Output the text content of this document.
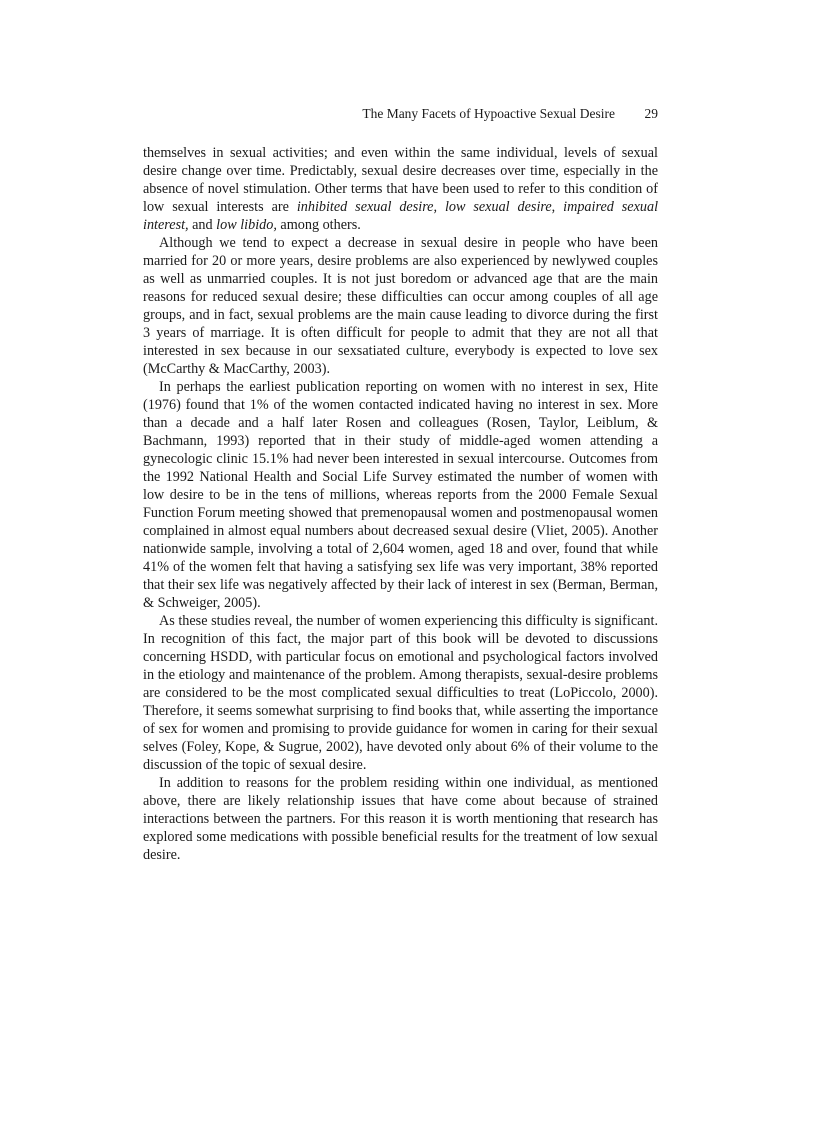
The Many Facets of Hypoactive Sexual Desire 29

themselves in sexual activities; and even within the same individual, levels of sexual desire change over time. Predictably, sexual desire decreases over time, especially in the absence of novel stimulation. Other terms that have been used to refer to this condition of low sexual interests are inhibited sexual desire, low sexual desire, impaired sexual interest, and low libido, among others.

Although we tend to expect a decrease in sexual desire in people who have been married for 20 or more years, desire problems are also experienced by newlywed couples as well as unmarried couples. It is not just boredom or advanced age that are the main reasons for reduced sexual desire; these difficulties can occur among couples of all age groups, and in fact, sexual problems are the main cause leading to divorce during the first 3 years of marriage. It is often difficult for people to admit that they are not all that interested in sex because in our sexsatiated culture, everybody is expected to love sex (McCarthy & MacCarthy, 2003).

In perhaps the earliest publication reporting on women with no interest in sex, Hite (1976) found that 1% of the women contacted indicated having no interest in sex. More than a decade and a half later Rosen and colleagues (Rosen, Taylor, Leiblum, & Bachmann, 1993) reported that in their study of middle-aged women attending a gynecologic clinic 15.1% had never been interested in sexual intercourse. Outcomes from the 1992 National Health and Social Life Survey estimated the number of women with low desire to be in the tens of millions, whereas reports from the 2000 Female Sexual Function Forum meeting showed that premenopausal women and postmenopausal women complained in almost equal numbers about decreased sexual desire (Vliet, 2005). Another nationwide sample, involving a total of 2,604 women, aged 18 and over, found that while 41% of the women felt that having a satisfying sex life was very important, 38% reported that their sex life was negatively affected by their lack of interest in sex (Berman, Berman, & Schweiger, 2005).

As these studies reveal, the number of women experiencing this difficulty is significant. In recognition of this fact, the major part of this book will be devoted to discussions concerning HSDD, with particular focus on emotional and psychological factors involved in the etiology and maintenance of the problem. Among therapists, sexual-desire problems are considered to be the most complicated sexual difficulties to treat (LoPiccolo, 2000). Therefore, it seems somewhat surprising to find books that, while asserting the importance of sex for women and promising to provide guidance for women in caring for their sexual selves (Foley, Kope, & Sugrue, 2002), have devoted only about 6% of their volume to the discussion of the topic of sexual desire.

In addition to reasons for the problem residing within one individual, as mentioned above, there are likely relationship issues that have come about because of strained interactions between the partners. For this reason it is worth mentioning that research has explored some medications with possible beneficial results for the treatment of low sexual desire.
